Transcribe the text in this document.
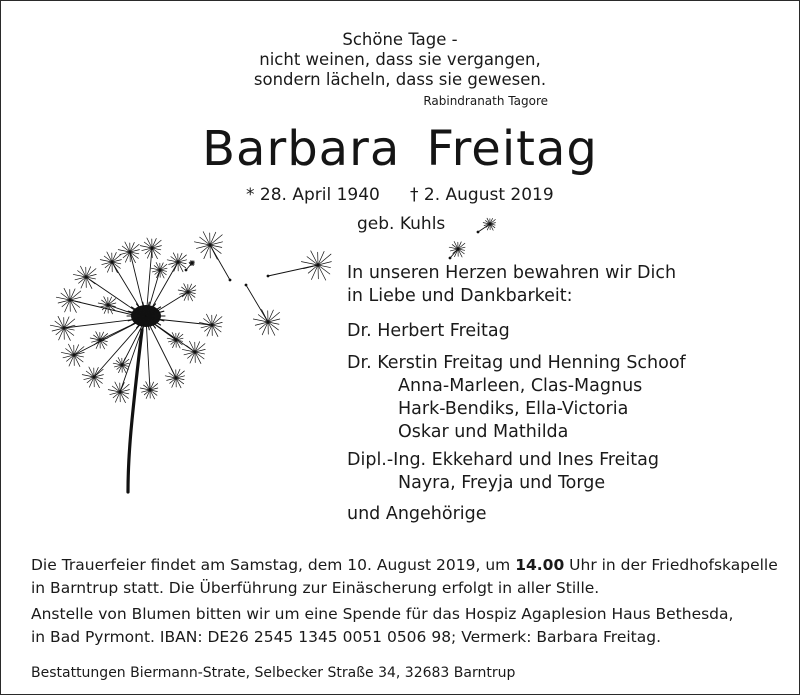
Schöne Tage -
nicht weinen, dass sie vergangen,
sondern lächeln, dass sie gewesen.
Rabindranath Tagore
Barbara Freitag
* 28. April 1940 † 2. August 2019
geb. Kuhls
In unseren Herzen bewahren wir Dich
in Liebe und Dankbarkeit:
Dr. Herbert Freitag
Dr. Kerstin Freitag und Henning Schoof
Anna-Marleen, Clas-Magnus
Hark-Bendiks, Ella-Victoria
Oskar und Mathilda
Dipl.-Ing. Ekkehard und Ines Freitag
Nayra, Freyja und Torge
und Angehörige
Die Trauerfeier findet am Samstag, dem 10. August 2019, um 14.00 Uhr in der Friedhofskapelle
in Barntrup statt. Die Überführung zur Einäscherung erfolgt in aller Stille.
Anstelle von Blumen bitten wir um eine Spende für das Hospiz Agaplesion Haus Bethesda,
in Bad Pyrmont. IBAN: DE26 2545 1345 0051 0506 98; Vermerk: Barbara Freitag.
Bestattungen Biermann-Strate, Selbecker Straße 34, 32683 Barntrup
